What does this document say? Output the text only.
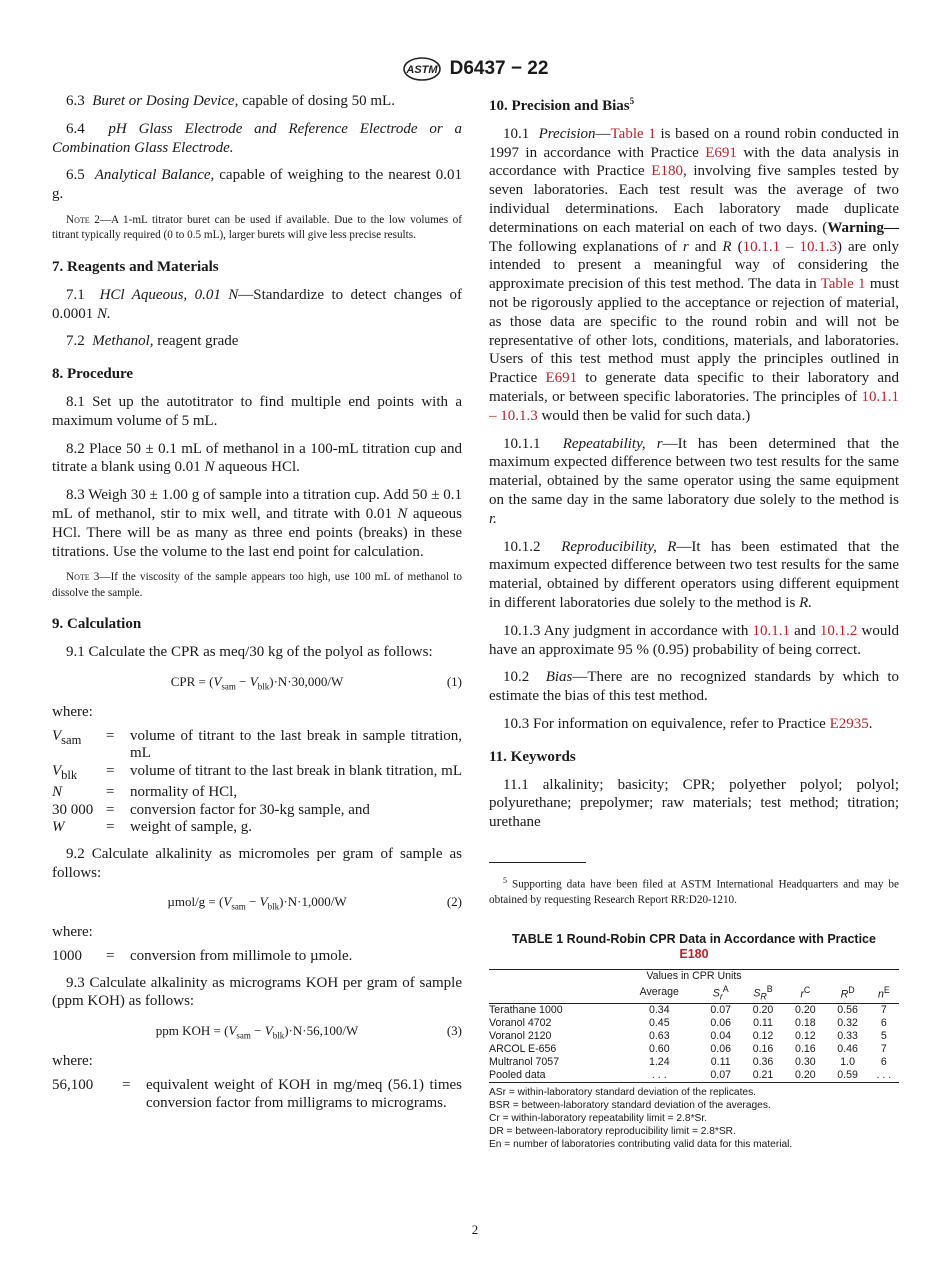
ASTM D6437 − 22

6.3 Buret or Dosing Device, capable of dosing 50 mL.

6.4 pH Glass Electrode and Reference Electrode or a Combination Glass Electrode.

6.5 Analytical Balance, capable of weighing to the nearest 0.01 g.

Note 2—A 1-mL titrator buret can be used if available. Due to the low volumes of titrant typically required (0 to 0.5 mL), larger burets will give less precise results.

7. Reagents and Materials

7.1 HCl Aqueous, 0.01 N—Standardize to detect changes of 0.0001 N.

7.2 Methanol, reagent grade

8. Procedure

8.1 Set up the autotitrator to find multiple end points with a maximum volume of 5 mL.

8.2 Place 50 ± 0.1 mL of methanol in a 100-mL titration cup and titrate a blank using 0.01 N aqueous HCl.

8.3 Weigh 30 ± 1.00 g of sample into a titration cup. Add 50 ± 0.1 mL of methanol, stir to mix well, and titrate with 0.01 N aqueous HCl. There will be as many as three end points (breaks) in these titrations. Use the volume to the last end point for calculation.

Note 3—If the viscosity of the sample appears too high, use 100 mL of methanol to dissolve the sample.

9. Calculation

9.1 Calculate the CPR as meq/30 kg of the polyol as follows:

CPR = $(V_{sam} - V_{blk})\cdot N\cdot 30,000/W$	(1)

where:

$V_{sam}$	=	volume of titrant to the last break in sample titration, mL
$V_{blk}$	=	volume of titrant to the last break in blank titration, mL
N	=	normality of HCl,
30 000	=	conversion factor for 30-kg sample, and
W	=	weight of sample, g.

9.2 Calculate alkalinity as micromoles per gram of sample as follows:

$\mu mol/g = (V_{sam} - V_{blk})\cdot N\cdot 1,000/W$	(2)

where:

1000	=	conversion from millimole to µmole.

9.3 Calculate alkalinity as micrograms KOH per gram of sample (ppm KOH) as follows:

ppm KOH = $(V_{sam} - V_{blk})\cdot N\cdot 56,100/W$	(3)

where:

56,100	=	equivalent weight of KOH in mg/meq (56.1) times conversion factor from milligrams to micrograms.
10. Precision and Bias$^5$

10.1 Precision—Table 1 is based on a round robin conducted in 1997 in accordance with Practice E691 with the data analysis in accordance with Practice E180, involving five samples tested by seven laboratories. Each test result was the average of two individual determinations. Each laboratory made duplicate determinations on each material on each of two days. (Warning—The following explanations of r and R (10.1.1 – 10.1.3) are only intended to present a meaningful way of considering the approximate precision of this test method. The data in Table 1 must not be rigorously applied to the acceptance or rejection of material, as those data are specific to the round robin and will not be representative of other lots, conditions, materials, and laboratories. Users of this test method must apply the principles outlined in Practice E691 to generate data specific to their laboratory and materials, or between specific laboratories. The principles of 10.1.1 – 10.1.3 would then be valid for such data.)

10.1.1 Repeatability, r—It has been determined that the maximum expected difference between two test results for the same material, obtained by the same operator using the same equipment on the same day in the same laboratory due solely to the method is r.

10.1.2 Reproducibility, R—It has been estimated that the maximum expected difference between two test results for the same material, obtained by different operators using different equipment in different laboratories due solely to the method is R.

10.1.3 Any judgment in accordance with 10.1.1 and 10.1.2 would have an approximate 95 % (0.95) probability of being correct.

10.2 Bias—There are no recognized standards by which to estimate the bias of this test method.

10.3 For information on equivalence, refer to Practice E2935.

11. Keywords

11.1 alkalinity; basicity; CPR; polyether polyol; polyol; polyurethane; prepolymer; raw materials; test method; titration; urethane

$^5$ Supporting data have been filed at ASTM International Headquarters and may be obtained by requesting Research Report RR:D20-1210.

TABLE 1 Round-Robin CPR Data in Accordance with Practice
E180
Values in CPR Units						
	Average	$S_r^A$	$S_R^B$	$r^C$	$R^D$	$n^E$
Terathane 1000	0.34	0.07	0.20	0.20	0.56	7
Voranol 4702	0.45	0.06	0.11	0.18	0.32	6
Voranol 2120	0.63	0.04	0.12	0.12	0.33	5
ARCOL E-656	0.60	0.06	0.16	0.16	0.46	7
Multranol 7057	1.24	0.11	0.36	0.30	1.0	6
Pooled data	. . .	0.07	0.21	0.20	0.59	. . .
ASr = within-laboratory standard deviation of the replicates.
BSR = between-laboratory standard deviation of the averages.
Cr = within-laboratory repeatability limit = 2.8*Sr.
DR = between-laboratory reproducibility limit = 2.8*SR.
En = number of laboratories contributing valid data for this material.
2
